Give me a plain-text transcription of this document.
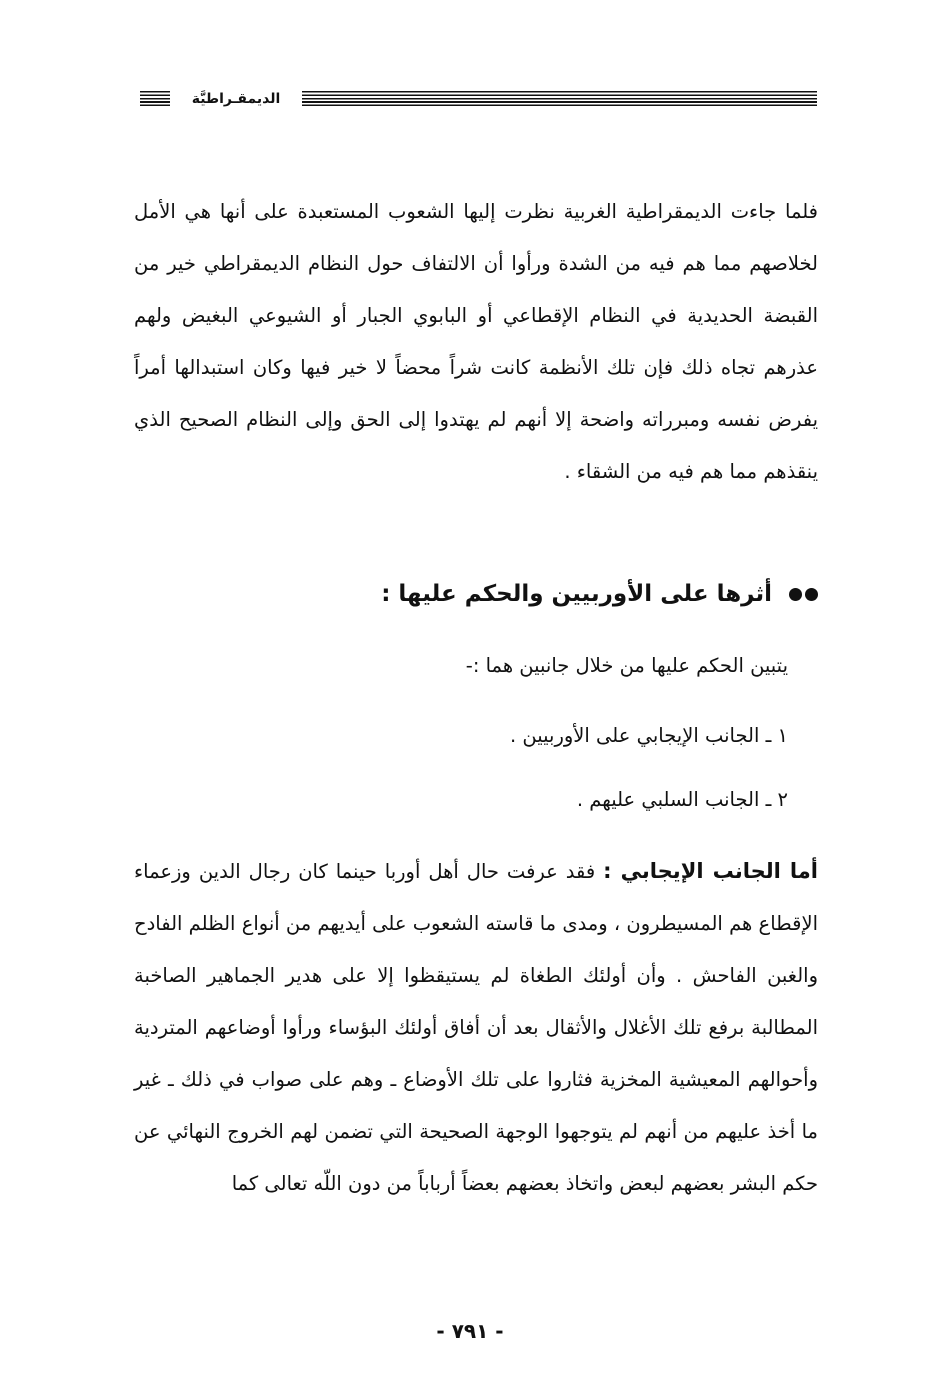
الديمقـراطيَّة

فلما جاءت الديمقراطية الغربية نظرت إليها الشعوب المستعبدة على أنها هي الأمل لخلاصهم مما هم فيه من الشدة ورأوا أن الالتفاف حول النظام الديمقراطي خير من القبضة الحديدية في النظام الإقطاعي أو البابوي الجبار أو الشيوعي البغيض ولهم عذرهم تجاه ذلك فإن تلك الأنظمة كانت شراً محضاً لا خير فيها وكان استبدالها أمراً يفرض نفسه ومبرراته واضحة إلا أنهم لم يهتدوا إلى الحق وإلى النظام الصحيح الذي ينقذهم مما هم فيه من الشقاء .

أثرها على الأوربيين والحكم عليها :

يتبين الحكم عليها من خلال جانبين هما :-

١ ـ الجانب الإيجابي على الأوربيين .

٢ ـ الجانب السلبي عليهم .

أما الجانب الإيجابي : فقد عرفت حال أهل أوربا حينما كان رجال الدين وزعماء الإقطاع هم المسيطرون ، ومدى ما قاسته الشعوب على أيديهم من أنواع الظلم الفادح والغبن الفاحش . وأن أولئك الطغاة لم يستيقظوا إلا على هدير الجماهير الصاخبة المطالبة برفع تلك الأغلال والأثقال بعد أن أفاق أولئك البؤساء ورأوا أوضاعهم المتردية وأحوالهم المعيشية المخزية فثاروا على تلك الأوضاع ـ وهم على صواب في ذلك ـ غير ما أخذ عليهم من أنهم لم يتوجهوا الوجهة الصحيحة التي تضمن لهم الخروج النهائي عن حكم البشر بعضهم لبعض واتخاذ بعضهم بعضاً أرباباً من دون اللّه تعالى كما

- ٧٩١ -
